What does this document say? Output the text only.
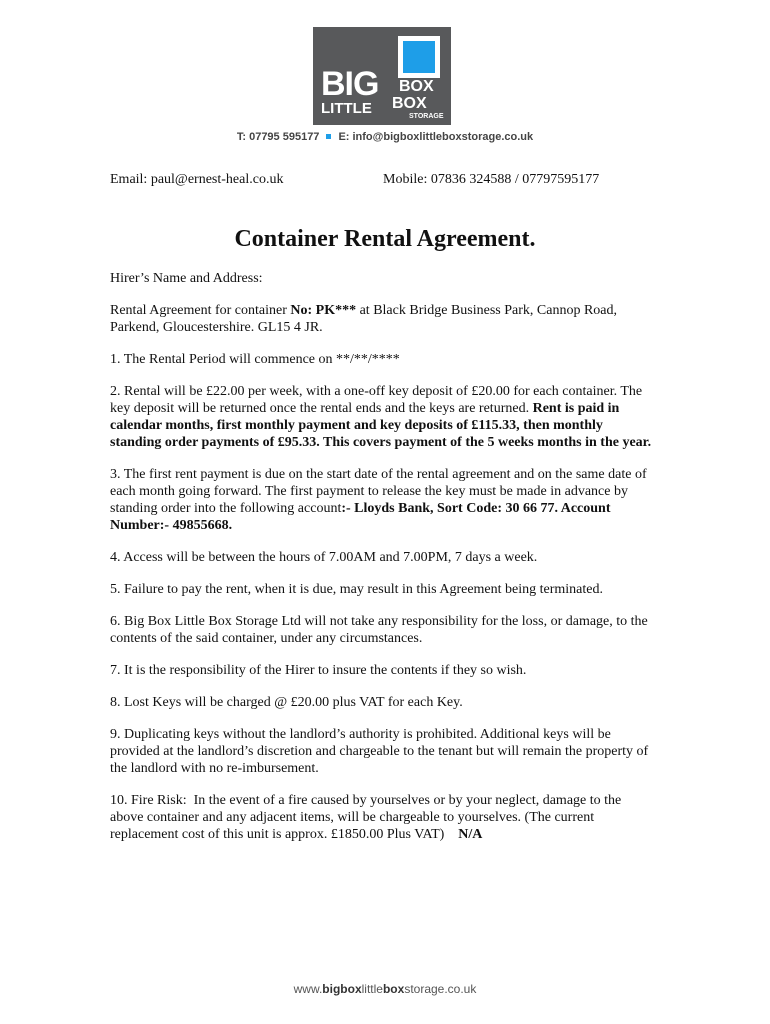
BIG BOX
LITTLE BOX
STORAGE
T: 07795 595177 E: info@bigboxlittleboxstorage.co.uk
Email: paul@ernest-heal.co.uk	Mobile: 07836 324588 / 07797595177
Container Rental Agreement.

Hirer’s Name and Address:

Rental Agreement for container No: PK*** at Black Bridge Business Park, Cannop Road, Parkend, Gloucestershire. GL15 4 JR.

1. The Rental Period will commence on **/**/****

2. Rental will be £22.00 per week, with a one-off key deposit of £20.00 for each container. The key deposit will be returned once the rental ends and the keys are returned. Rent is paid in calendar months, first monthly payment and key deposits of £115.33, then monthly standing order payments of £95.33. This covers payment of the 5 weeks months in the year.

3. The first rent payment is due on the start date of the rental agreement and on the same date of each month going forward. The first payment to release the key must be made in advance by standing order into the following account:- Lloyds Bank, Sort Code: 30 66 77. Account Number:- 49855668.

4. Access will be between the hours of 7.00AM and 7.00PM, 7 days a week.

5. Failure to pay the rent, when it is due, may result in this Agreement being terminated.

6. Big Box Little Box Storage Ltd will not take any responsibility for the loss, or damage, to the contents of the said container, under any circumstances.

7. It is the responsibility of the Hirer to insure the contents if they so wish.

8. Lost Keys will be charged @ £20.00 plus VAT for each Key.

9. Duplicating keys without the landlord’s authority is prohibited. Additional keys will be provided at the landlord’s discretion and chargeable to the tenant but will remain the property of the landlord with no re-imbursement.

10. Fire Risk:  In the event of a fire caused by yourselves or by your neglect, damage to the above container and any adjacent items, will be chargeable to yourselves. (The current replacement cost of this unit is approx. £1850.00 Plus VAT)    N/A

www.bigboxlittleboxstorage.co.uk
